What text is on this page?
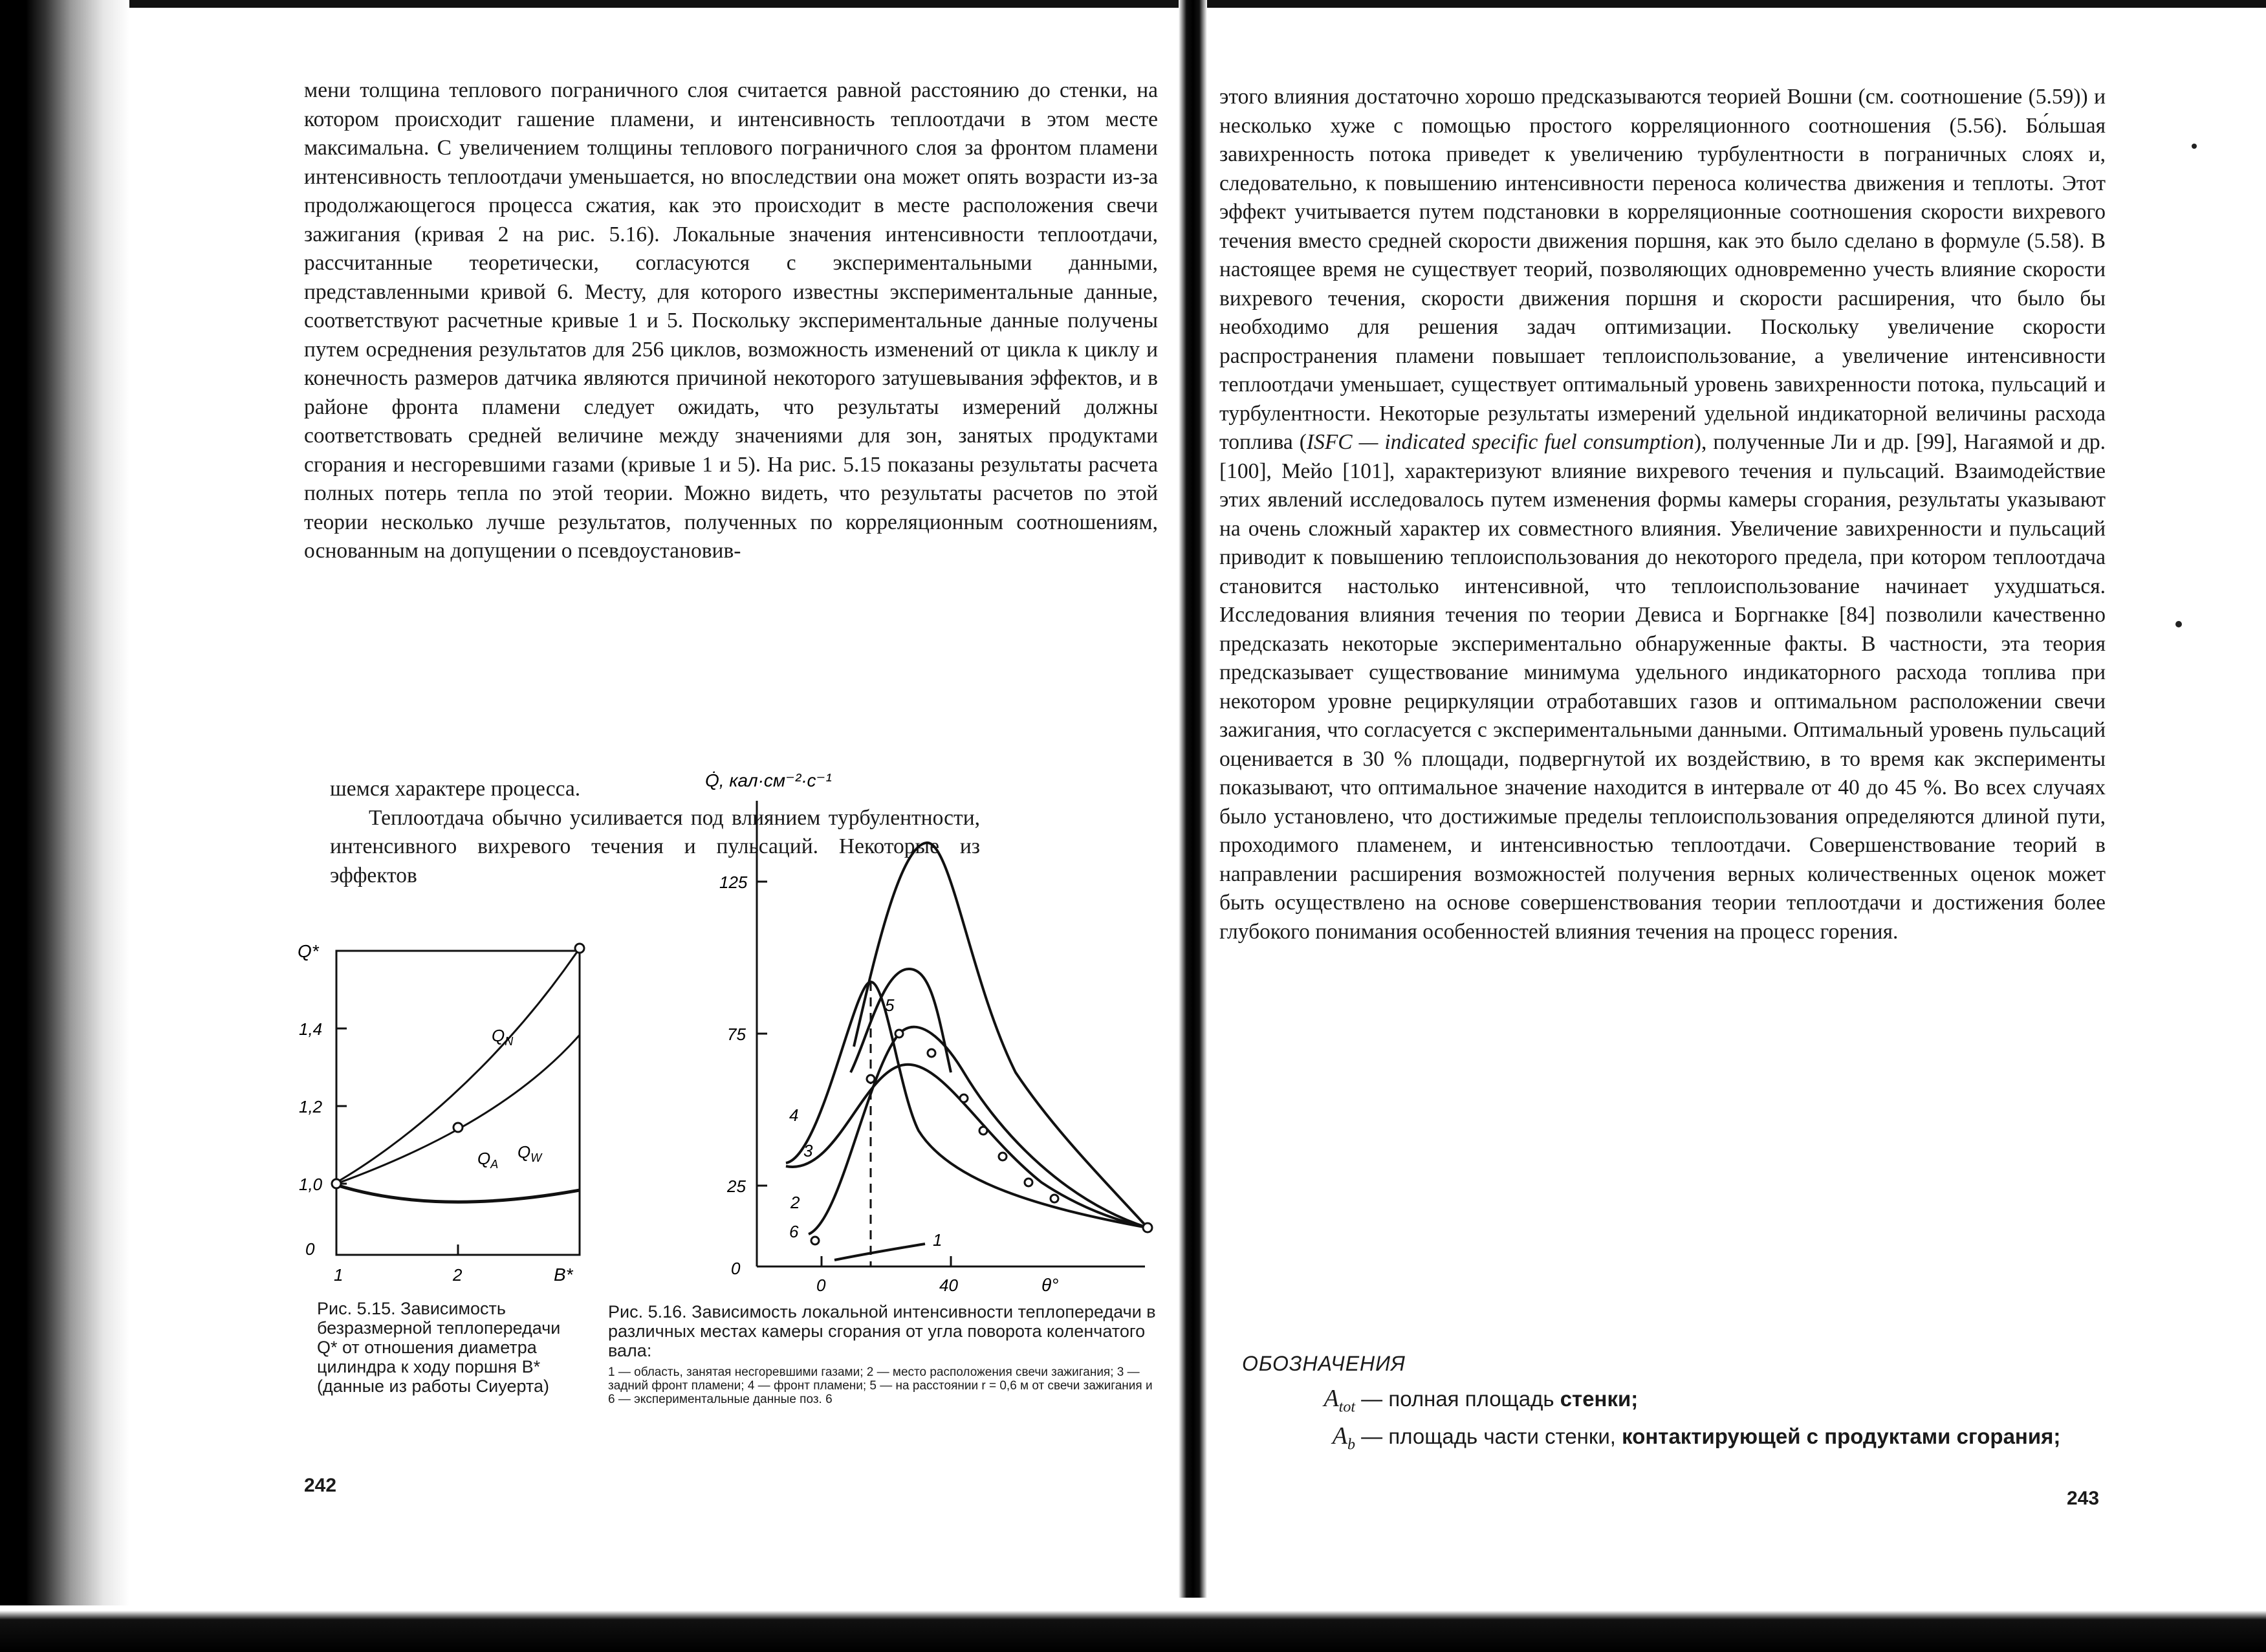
мени толщина теплового пограничного слоя считается равной расстоянию до стенки, на котором происходит гашение пламени, и интенсивность теплоотдачи в этом месте максимальна. С увеличением толщины теплового пограничного слоя за фронтом пламени интенсивность теплоотдачи уменьшается, но впоследствии она может опять возрасти из-за продолжающегося процесса сжатия, как это происходит в месте расположения свечи зажигания (кривая 2 на рис. 5.16). Локальные значения интенсивности теплоотдачи, рассчитанные теоретически, согласуются с экспериментальными данными, представленными кривой 6. Месту, для которого известны экспериментальные данные, соответствуют расчетные кривые 1 и 5. Поскольку экспериментальные данные получены путем осреднения результатов для 256 циклов, возможность изменений от цикла к циклу и конечность размеров датчика являются причиной некоторого затушевывания эффектов, и в районе фронта пламени следует ожидать, что результаты измерений должны соответствовать средней величине между значениями для зон, занятых продуктами сгорания и несгоревшими газами (кривые 1 и 5). На рис. 5.15 показаны результаты расчета полных потерь тепла по этой теории. Можно видеть, что результаты расчетов по этой теории несколько лучше результатов, полученных по корреляционным соотношениям, основанным на допущении о псевдоустановив-

шемся характере процесса.

Теплоотдача обычно усиливается под влиянием турбулентности, интенсивного вихревого течения и пульсаций. Некоторые из эффектов

Q*
1,4
1,2
1,0
0
1	2	B*
$Q_N$
$Q_W$
$Q_A$
Рис. 5.15. Зависимость безразмерной теплопередачи Q* от отношения диаметра цилиндра к ходу поршня B* (данные из работы Сиуерта)
Q̇, кал·см⁻²·с⁻¹
125
75
25
0
0	40	θ°
1
2
3
4
5
6
Рис. 5.16. Зависимость локальной интенсивности теплопередачи в различных местах камеры сгорания от угла поворота коленчатого вала:
1 — область, занятая несгоревшими газами; 2 — место расположения свечи зажигания; 3 — задний фронт пламени; 4 — фронт пламени; 5 — на расстоянии r = 0,6 м от свечи зажигания и 6 — экспериментальные данные поз. 6
242

этого влияния достаточно хорошо предсказываются теорией Вошни (см. соотношение (5.59)) и несколько хуже с помощью простого корреляционного соотношения (5.56). Бо́льшая завихренность потока приведет к увеличению турбулентности в пограничных слоях и, следовательно, к повышению интенсивности переноса количества движения и теплоты. Этот эффект учитывается путем подстановки в корреляционные соотношения скорости вихревого течения вместо средней скорости движения поршня, как это было сделано в формуле (5.58). В настоящее время не существует теорий, позволяющих одновременно учесть влияние скорости вихревого течения, скорости движения поршня и скорости расширения, что было бы необходимо для решения задач оптимизации. Поскольку увеличение скорости распространения пламени повышает теплоиспользование, а увеличение интенсивности теплоотдачи уменьшает, существует оптимальный уровень завихренности потока, пульсаций и турбулентности. Некоторые результаты измерений удельной индикаторной величины расхода топлива (ISFC — indicated specific fuel consumption), полученные Ли и др. [99], Нагаямой и др. [100], Мейо [101], характеризуют влияние вихревого течения и пульсаций. Взаимодействие этих явлений исследовалось путем изменения формы камеры сгорания, результаты указывают на очень сложный характер их совместного влияния. Увеличение завихренности и пульсаций приводит к повышению теплоиспользования до некоторого предела, при котором теплоотдача становится настолько интенсивной, что теплоиспользование начинает ухудшаться. Исследования влияния течения по теории Девиса и Боргнакке [84] позволили качественно предсказать некоторые экспериментально обнаруженные факты. В частности, эта теория предсказывает существование минимума удельного индикаторного расхода топлива при некотором уровне рециркуляции отработавших газов и оптимальном расположении свечи зажигания, что согласуется с экспериментальными данными. Оптимальный уровень пульсаций оценивается в 30 % площади, подвергнутой их воздействию, в то время как эксперименты показывают, что оптимальное значение находится в интервале от 40 до 45 %. Во всех случаях было установлено, что достижимые пределы теплоиспользования определяются длиной пути, проходимого пламенем, и интенсивностью теплоотдачи. Совершенствование теорий в направлении расширения возможностей получения верных количественных оценок может быть осуществлено на основе совершенствования теории теплоотдачи и достижения более глубокого понимания особенностей влияния течения на процесс горения.

ОБОЗНАЧЕНИЯ
$A_{tot}$ — полная площадь стенки;
$A_b$ — площадь части стенки, контактирующей с продуктами сгорания;
243
